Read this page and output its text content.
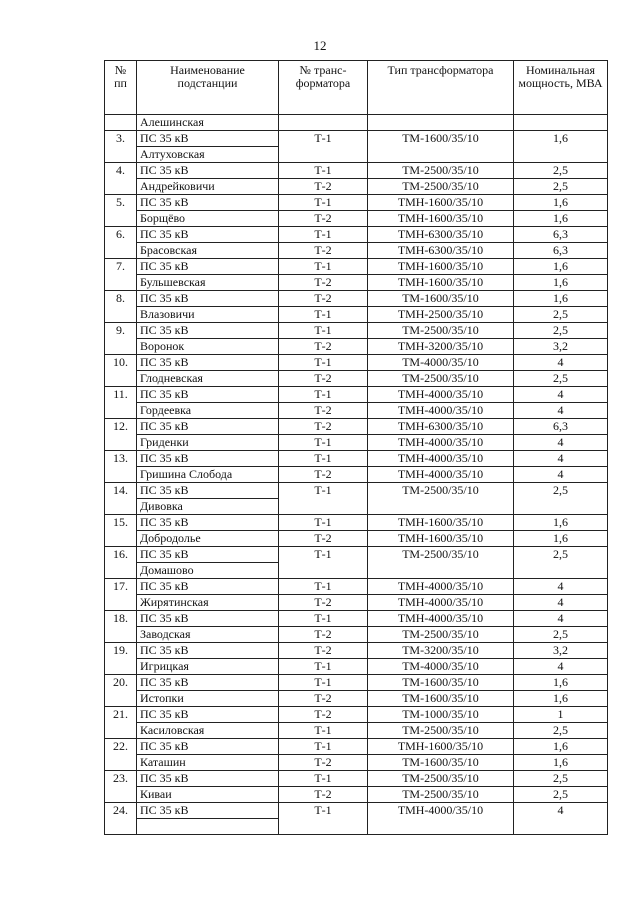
12
№ пп	Наименование подстанции	№ транс-форматора	Тип трансформатора	Номинальная мощность, МВА
	Алешинская			
3.	ПС 35 кВ	Т-1	ТМ-1600/35/10	1,6
	Алтуховская			
4.	ПС 35 кВ	Т-1	ТМ-2500/35/10	2,5
	Андрейковичи	Т-2	ТМ-2500/35/10	2,5
5.	ПС 35 кВ	Т-1	ТМН-1600/35/10	1,6
	Борщёво	Т-2	ТМН-1600/35/10	1,6
6.	ПС 35 кВ	Т-1	ТМН-6300/35/10	6,3
	Брасовская	Т-2	ТМН-6300/35/10	6,3
7.	ПС 35 кВ	Т-1	ТМН-1600/35/10	1,6
	Бульшевская	Т-2	ТМН-1600/35/10	1,6
8.	ПС 35 кВ	Т-2	ТМ-1600/35/10	1,6
	Влазовичи	Т-1	ТМН-2500/35/10	2,5
9.	ПС 35 кВ	Т-1	ТМ-2500/35/10	2,5
	Воронок	Т-2	ТМН-3200/35/10	3,2
10.	ПС 35 кВ	Т-1	ТМ-4000/35/10	4
	Глодневская	Т-2	ТМ-2500/35/10	2,5
11.	ПС 35 кВ	Т-1	ТМН-4000/35/10	4
	Гордеевка	Т-2	ТМН-4000/35/10	4
12.	ПС 35 кВ	Т-2	ТМН-6300/35/10	6,3
	Гриденки	Т-1	ТМН-4000/35/10	4
13.	ПС 35 кВ	Т-1	ТМН-4000/35/10	4
	Гришина Слобода	Т-2	ТМН-4000/35/10	4
14.	ПС 35 кВ	Т-1	ТМ-2500/35/10	2,5
	Дивовка			
15.	ПС 35 кВ	Т-1	ТМН-1600/35/10	1,6
	Добродолье	Т-2	ТМН-1600/35/10	1,6
16.	ПС 35 кВ	Т-1	ТМ-2500/35/10	2,5
	Домашово			
17.	ПС 35 кВ	Т-1	ТМН-4000/35/10	4
	Жирятинская	Т-2	ТМН-4000/35/10	4
18.	ПС 35 кВ	Т-1	ТМН-4000/35/10	4
	Заводская	Т-2	ТМ-2500/35/10	2,5
19.	ПС 35 кВ	Т-2	ТМ-3200/35/10	3,2
	Игрицкая	Т-1	ТМ-4000/35/10	4
20.	ПС 35 кВ	Т-1	ТМ-1600/35/10	1,6
	Истопки	Т-2	ТМ-1600/35/10	1,6
21.	ПС 35 кВ	Т-2	ТМ-1000/35/10	1
	Касиловская	Т-1	ТМ-2500/35/10	2,5
22.	ПС 35 кВ	Т-1	ТМН-1600/35/10	1,6
	Каташин	Т-2	ТМ-1600/35/10	1,6
23.	ПС 35 кВ	Т-1	ТМ-2500/35/10	2,5
	Киваи	Т-2	ТМ-2500/35/10	2,5
24.	ПС 35 кВ	Т-1	ТМН-4000/35/10	4
